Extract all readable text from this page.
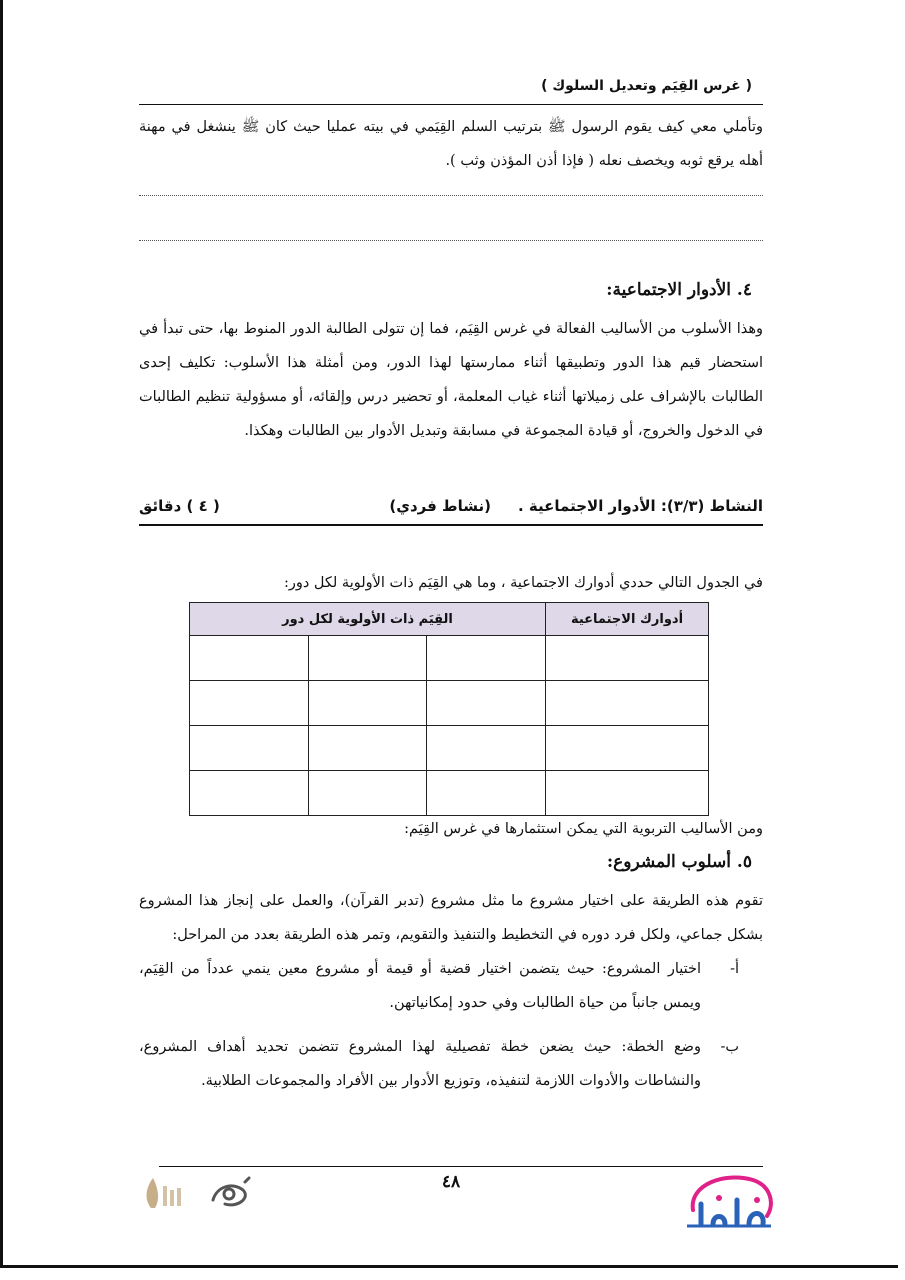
( غرس القِيَم وتعديل السلوك )
وتأملي معي كيف يقوم الرسول ﷺ بترتيب السلم القِيَمي في بيته عمليا حيث كان ﷺ ينشغل في مهنة أهله يرقع ثوبه ويخصف نعله ( فإذا أذن المؤذن وثب ).
٤. الأدوار الاجتماعية:
وهذا الأسلوب من الأساليب الفعالة في غرس القِيَم، فما إن تتولى الطالبة الدور المنوط بها، حتى تبدأ في استحضار قيم هذا الدور وتطبيقها أثناء ممارستها لهذا الدور، ومن أمثلة هذا الأسلوب: تكليف إحدى الطالبات بالإشراف على زميلاتها أثناء غياب المعلمة، أو تحضير درس وإلقائه، أو مسؤولية تنظيم الطالبات في الدخول والخروج، أو قيادة المجموعة في مسابقة وتبديل الأدوار بين الطالبات وهكذا.
النشاط (٣/٣): الأدوار الاجتماعية .
(نشاط فردي)
( ٤ ) دقائق
في الجدول التالي حددي أدوارك الاجتماعية ، وما هي القِيَم ذات الأولوية لكل دور:
أدوارك الاجتماعية	القِيَم ذات الأولوية لكل دور		

ومن الأساليب التربوية التي يمكن استثمارها في غرس القِيَم:
٥. أسلوب المشروع:
تقوم هذه الطريقة على اختيار مشروع ما مثل مشروع (تدبر القرآن)، والعمل على إنجاز هذا المشروع بشكل جماعي، ولكل فرد دوره في التخطيط والتنفيذ والتقويم، وتمر هذه الطريقة بعدد من المراحل:
أ-
اختيار المشروع: حيث يتضمن اختيار قضية أو قيمة أو مشروع معين ينمي عدداً من القِيَم، ويمس جانباً من حياة الطالبات وفي حدود إمكانياتهن.
ب-
وضع الخطة: حيث يضعن خطة تفصيلية لهذا المشروع تتضمن تحديد أهداف المشروع، والنشاطات والأدوات اللازمة لتنفيذه، وتوزيع الأدوار بين الأفراد والمجموعات الطلابية.
٤٨
